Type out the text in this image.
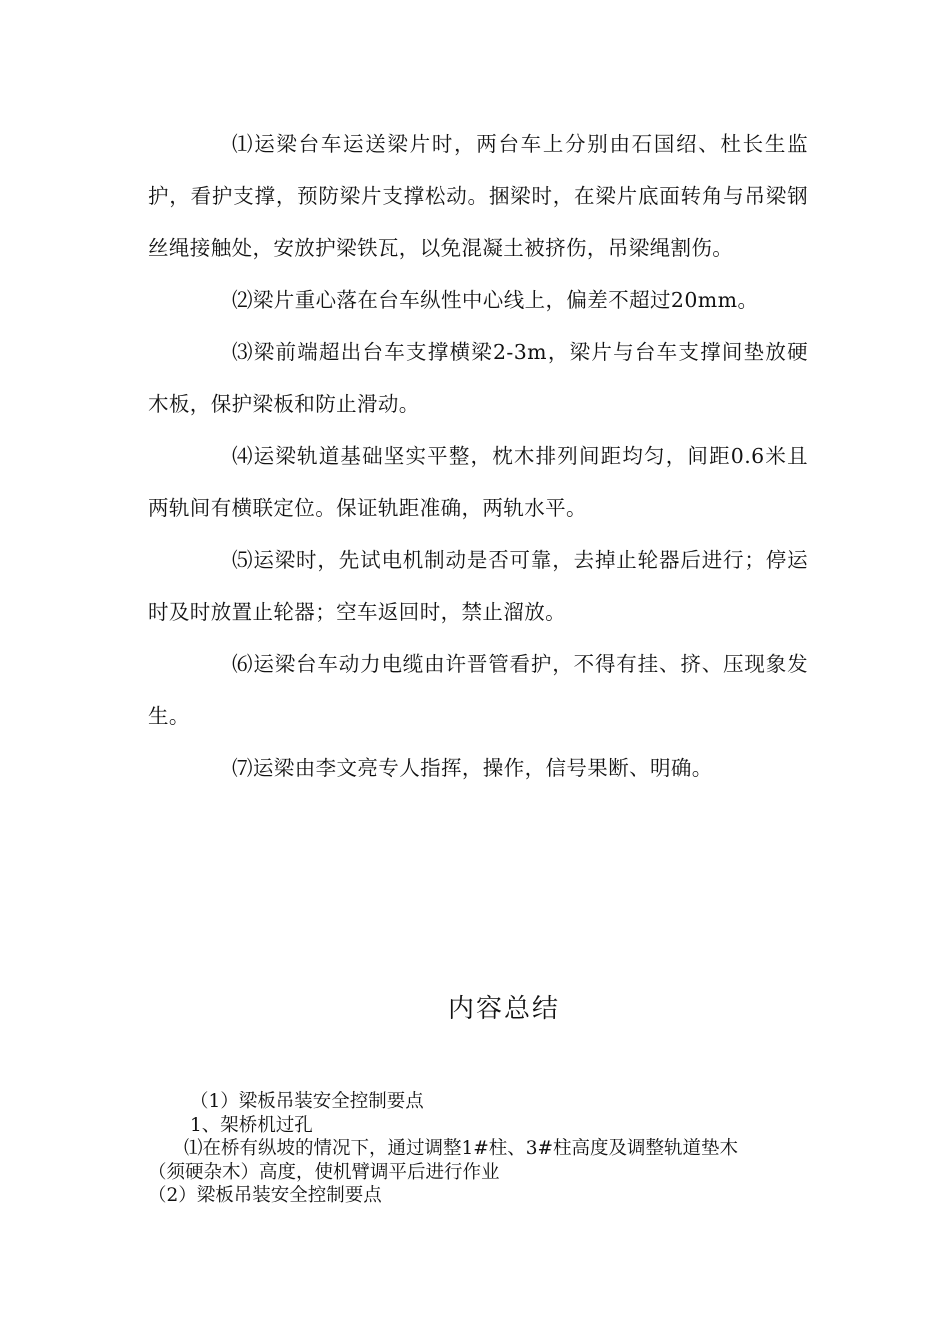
⑴运梁台车运送梁片时，两台车上分别由石国绍、杜长生监护，看护支撑，预防梁片支撑松动。捆梁时，在梁片底面转角与吊梁钢丝绳接触处，安放护梁铁瓦，以免混凝土被挤伤，吊梁绳割伤。

⑵梁片重心落在台车纵性中心线上，偏差不超过20mm。

⑶梁前端超出台车支撑横梁2-3m，梁片与台车支撑间垫放硬木板，保护梁板和防止滑动。

⑷运梁轨道基础坚实平整，枕木排列间距均匀，间距0.6米且两轨间有横联定位。保证轨距准确，两轨水平。

⑸运梁时，先试电机制动是否可靠，去掉止轮器后进行；停运时及时放置止轮器；空车返回时，禁止溜放。

⑹运梁台车动力电缆由许晋管看护，不得有挂、挤、压现象发生。

⑺运梁由李文亮专人指挥，操作，信号果断、明确。

内容总结

（1）梁板吊装安全控制要点

1、架桥机过孔

⑴在桥有纵坡的情况下，通过调整1#柱、3#柱高度及调整轨道垫木

（须硬杂木）高度，使机臂调平后进行作业

（2）梁板吊装安全控制要点
